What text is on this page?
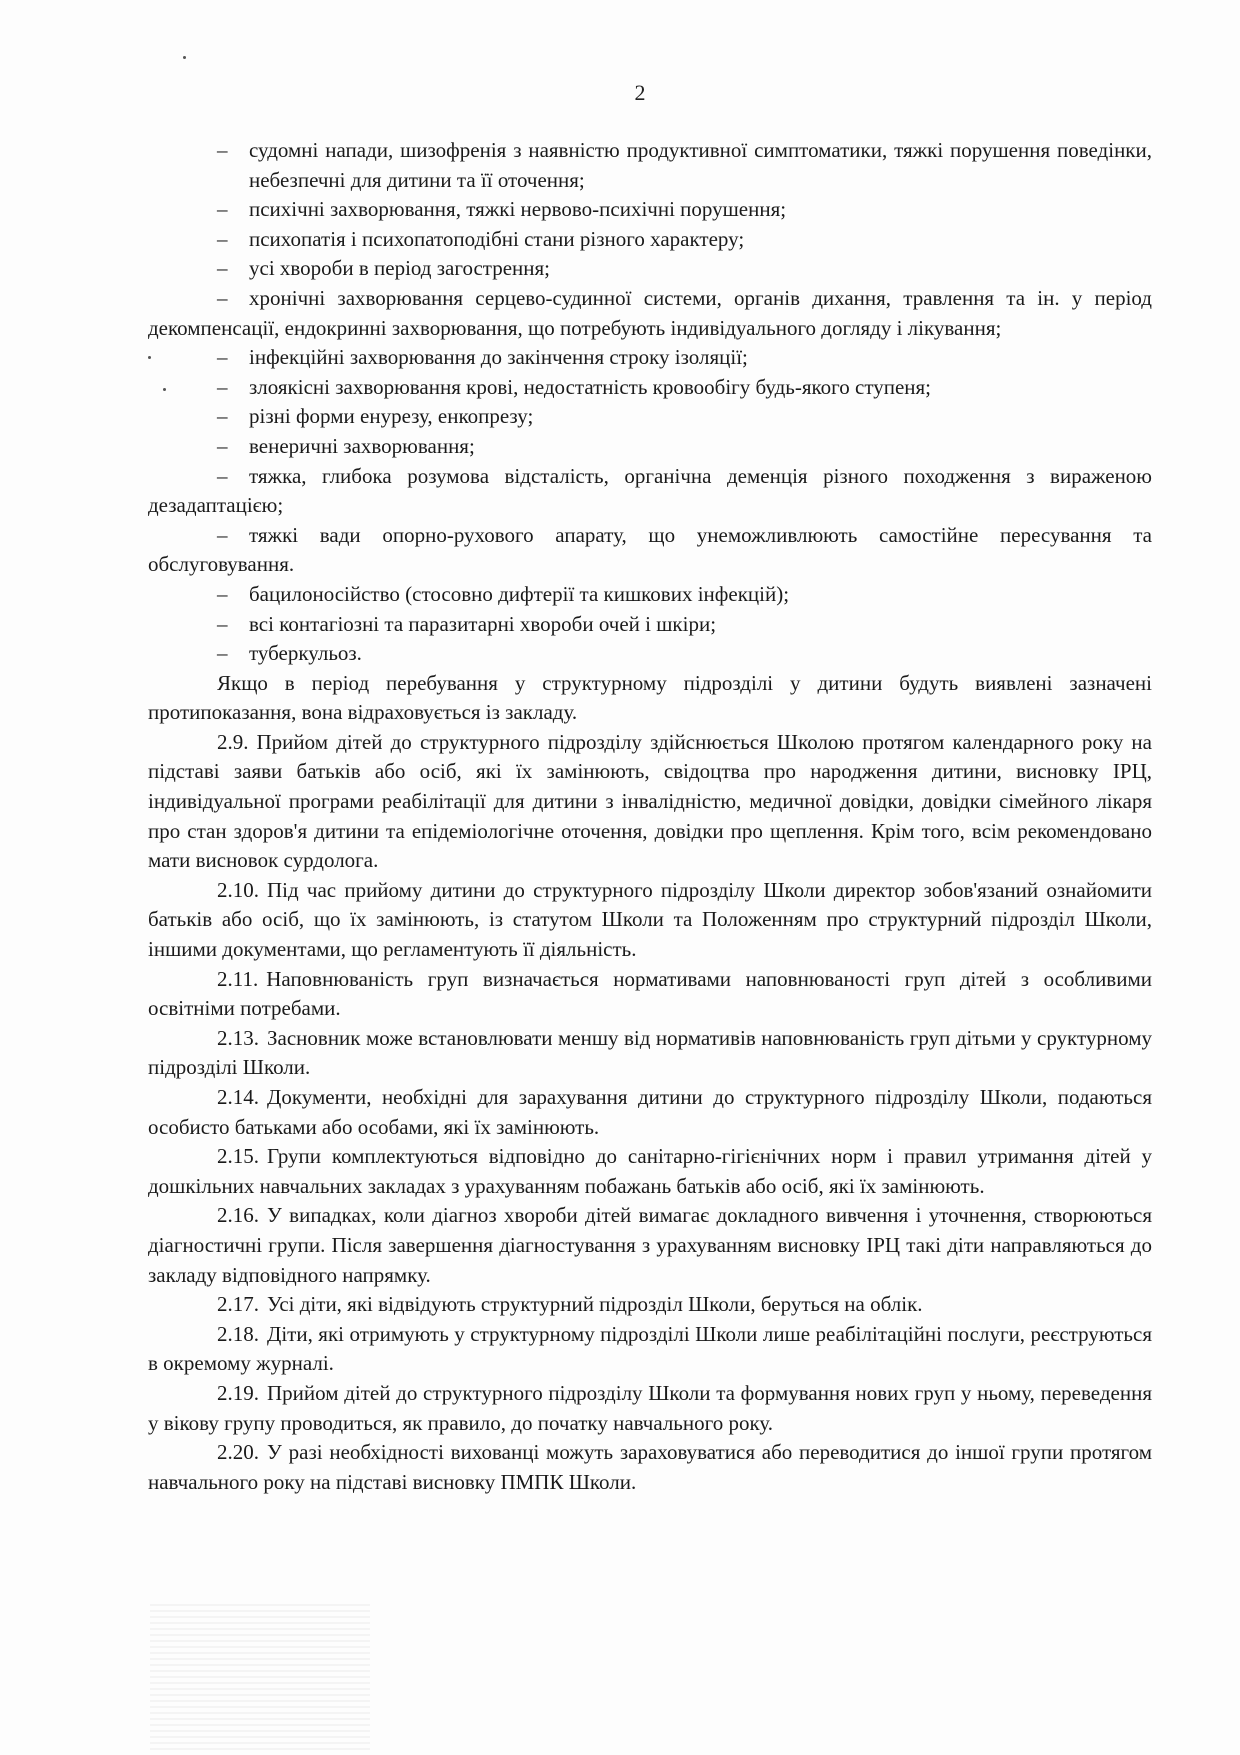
2

– судомні напади, шизофренія з наявністю продуктивної симптоматики, тяжкі порушення поведінки, небезпечні для дитини та її оточення;

– психічні захворювання, тяжкі нервово-психічні порушення;

– психопатія і психопатоподібні стани різного характеру;

– усі хвороби в період загострення;

– хронічні захворювання серцево-судинної системи, органів дихання, травлення та ін. у період декомпенсації, ендокринні захворювання, що потребують індивідуального догляду і лікування;

– інфекційні захворювання до закінчення строку ізоляції;

– злоякісні захворювання крові, недостатність кровообігу будь-якого ступеня;

– різні форми енурезу, енкопрезу;

– венеричні захворювання;

– тяжка, глибока розумова відсталість, органічна деменція різного походження з вираженою дезадаптацією;

– тяжкі вади опорно-рухового апарату, що унеможливлюють самостійне пересування та обслуговування.

– бацилоносійство (стосовно дифтерії та кишкових інфекцій);

– всі контагіозні та паразитарні хвороби очей і шкіри;

– туберкульоз.

Якщо в період перебування у структурному підрозділі у дитини будуть виявлені зазначені протипоказання, вона відраховується із закладу.

2.9. Прийом дітей до структурного підрозділу здійснюється Школою протягом календарного року на підставі заяви батьків або осіб, які їх замінюють, свідоцтва про народження дитини, висновку ІРЦ, індивідуальної програми реабілітації для дитини з інвалідністю, медичної довідки, довідки сімейного лікаря про стан здоров'я дитини та епідеміологічне оточення, довідки про щеплення. Крім того, всім рекомендовано мати висновок сурдолога.

2.10. Під час прийому дитини до структурного підрозділу Школи директор зобов'язаний ознайомити батьків або осіб, що їх замінюють, із статутом Школи та Положенням про структурний підрозділ Школи, іншими документами, що регламентують її діяльність.

2.11. Наповнюваність груп визначається нормативами наповнюваності груп дітей з особливими освітніми потребами.

2.13. Засновник може встановлювати меншу від нормативів наповнюваність груп дітьми у сруктурному підрозділі Школи.

2.14. Документи, необхідні для зарахування дитини до структурного підрозділу Школи, подаються особисто батьками або особами, які їх замінюють.

2.15. Групи комплектуються відповідно до санітарно-гігієнічних норм і правил утримання дітей у дошкільних навчальних закладах з урахуванням побажань батьків або осіб, які їх замінюють.

2.16. У випадках, коли діагноз хвороби дітей вимагає докладного вивчення і уточнення, створюються діагностичні групи. Після завершення діагностування з урахуванням висновку ІРЦ такі діти направляються до закладу відповідного напрямку.

2.17. Усі діти, які відвідують структурний підрозділ Школи, беруться на облік.

2.18. Діти, які отримують у структурному підрозділі Школи лише реабілітаційні послуги, реєструються в окремому журналі.

2.19. Прийом дітей до структурного підрозділу Школи та формування нових груп у ньому, переведення у вікову групу проводиться, як правило, до початку навчального року.

2.20. У разі необхідності вихованці можуть зараховуватися або переводитися до іншої групи протягом навчального року на підставі висновку ПМПК Школи.
